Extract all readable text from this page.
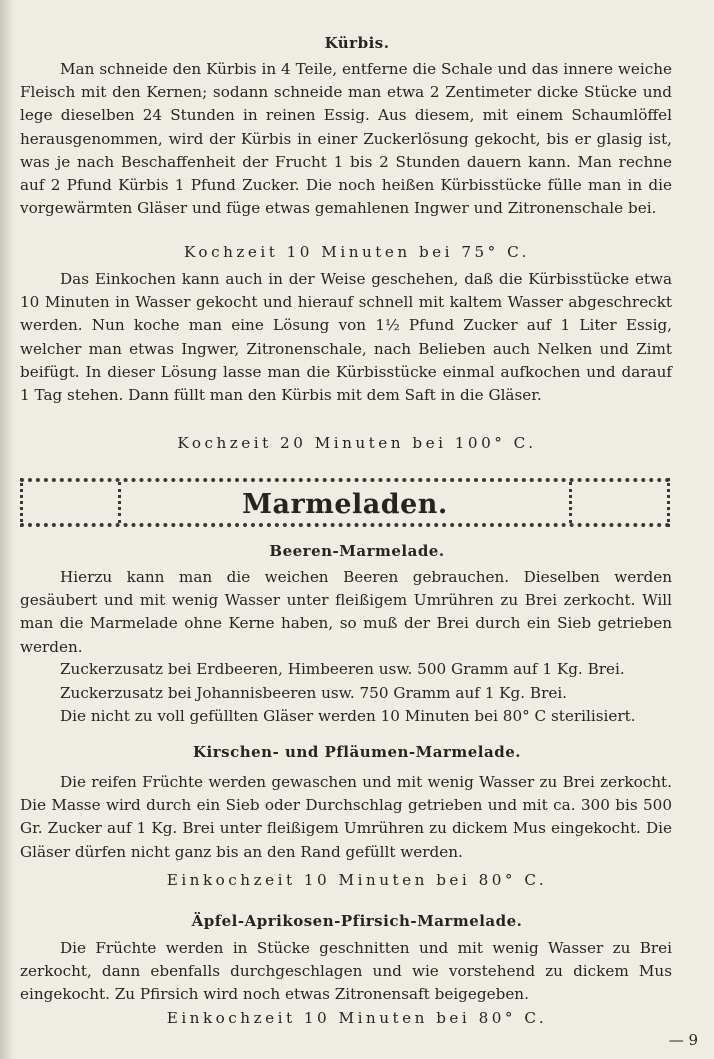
Kürbis.

Man schneide den Kürbis in 4 Teile, entferne die Schale und das innere weiche Fleisch mit den Kernen; sodann schneide man etwa 2 Zentimeter dicke Stücke und lege dieselben 24 Stunden in reinen Essig. Aus diesem, mit einem Schaumlöffel herausgenommen, wird der Kürbis in einer Zuckerlösung gekocht, bis er glasig ist, was je nach Beschaffenheit der Frucht 1 bis 2 Stunden dauern kann. Man rechne auf 2 Pfund Kürbis 1 Pfund Zucker. Die noch heißen Kürbisstücke fülle man in die vorgewärmten Gläser und füge etwas gemahlenen Ingwer und Zitronenschale bei.

Kochzeit 10 Minuten bei 75° C.

Das Einkochen kann auch in der Weise geschehen, daß die Kürbisstücke etwa 10 Minuten in Wasser gekocht und hierauf schnell mit kaltem Wasser abgeschreckt werden. Nun koche man eine Lösung von 1½ Pfund Zucker auf 1 Liter Essig, welcher man etwas Ingwer, Zitronenschale, nach Belieben auch Nelken und Zimt beifügt. In dieser Lösung lasse man die Kürbisstücke einmal aufkochen und darauf 1 Tag stehen. Dann füllt man den Kürbis mit dem Saft in die Gläser.

Kochzeit 20 Minuten bei 100° C.
Marmeladen.
Beeren-Marmelade.

Hierzu kann man die weichen Beeren gebrauchen. Dieselben werden gesäubert und mit wenig Wasser unter fleißigem Umrühren zu Brei zerkocht. Will man die Marmelade ohne Kerne haben, so muß der Brei durch ein Sieb getrieben werden.

Zuckerzusatz bei Erdbeeren, Himbeeren usw. 500 Gramm auf 1 Kg. Brei.
Zuckerzusatz bei Johannisbeeren usw. 750 Gramm auf 1 Kg. Brei.
Die nicht zu voll gefüllten Gläser werden 10 Minuten bei 80° C sterilisiert.
Kirschen- und Pfläumen-Marmelade.

Die reifen Früchte werden gewaschen und mit wenig Wasser zu Brei zerkocht. Die Masse wird durch ein Sieb oder Durchschlag getrieben und mit ca. 300 bis 500 Gr. Zucker auf 1 Kg. Brei unter fleißigem Umrühren zu dickem Mus eingekocht. Die Gläser dürfen nicht ganz bis an den Rand gefüllt werden.

Einkochzeit 10 Minuten bei 80° C.
Äpfel-Aprikosen-Pfirsich-Marmelade.

Die Früchte werden in Stücke geschnitten und mit wenig Wasser zu Brei zerkocht, dann ebenfalls durchgeschlagen und wie vorstehend zu dickem Mus eingekocht. Zu Pfirsich wird noch etwas Zitronensaft beigegeben.

Einkochzeit 10 Minuten bei 80° C.
— 9
